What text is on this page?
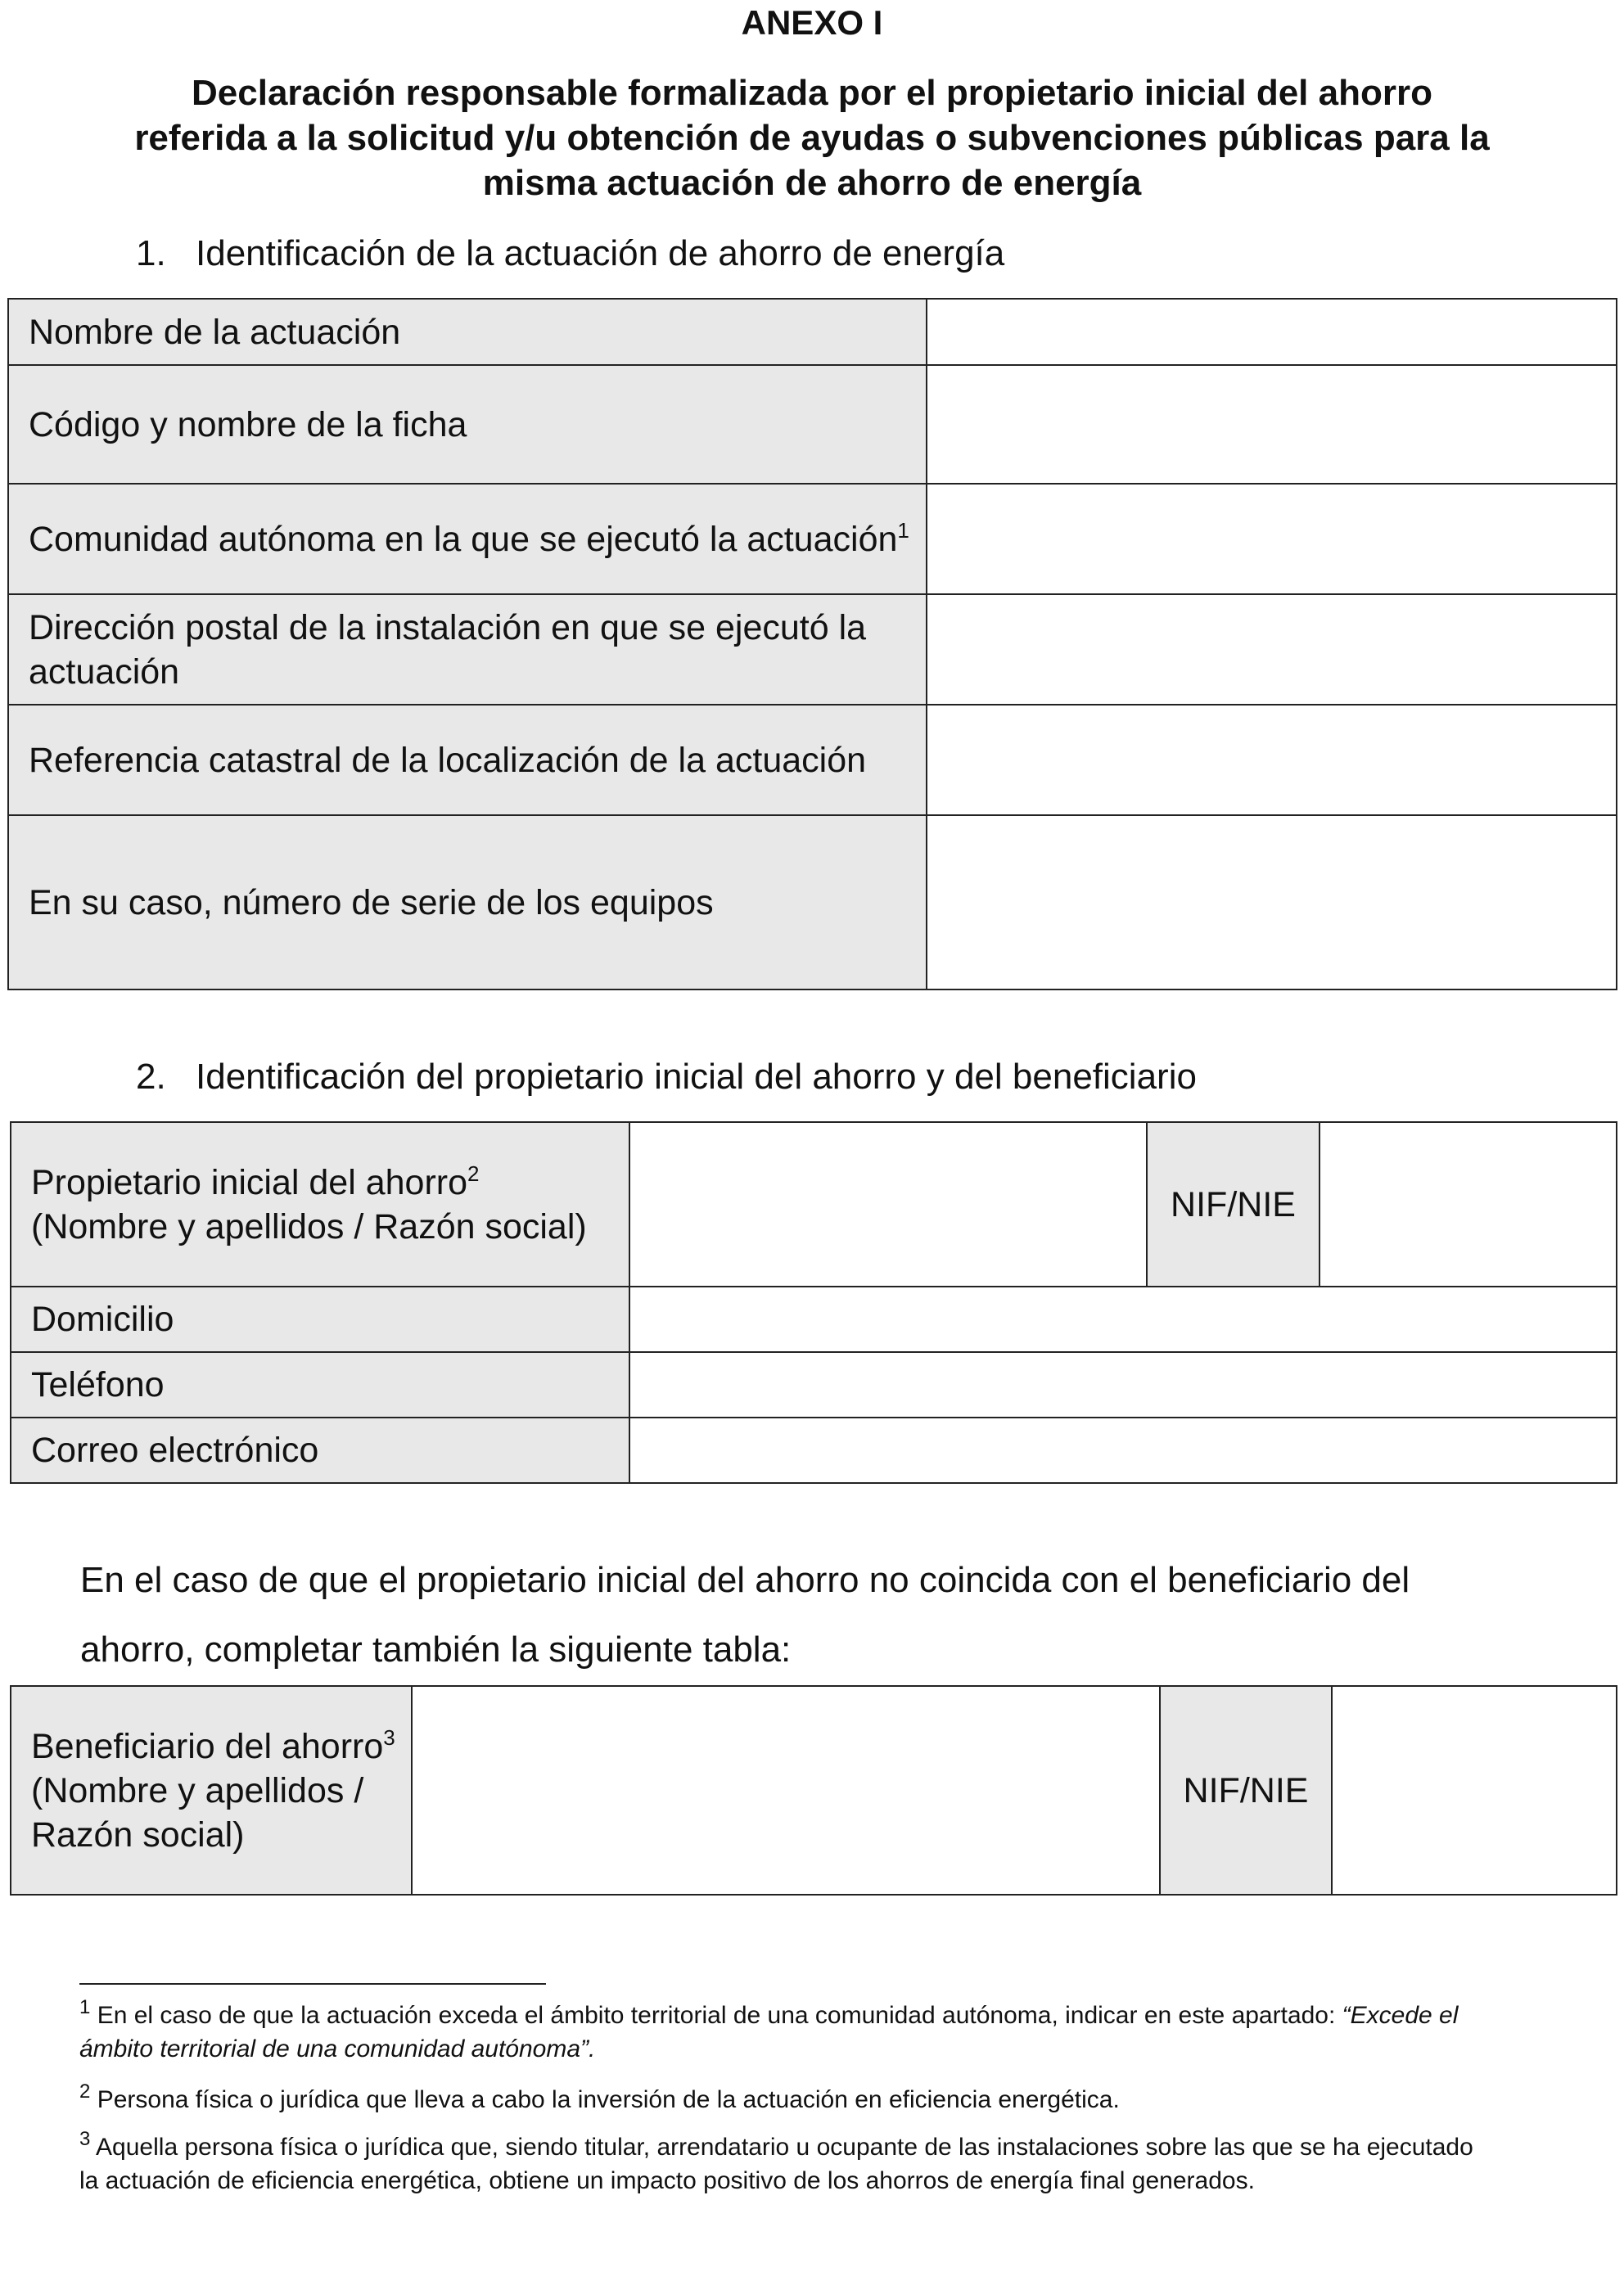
ANEXO I
Declaración responsable formalizada por el propietario inicial del ahorro referida a la solicitud y/u obtención de ayudas o subvenciones públicas para la misma actuación de ahorro de energía
1. Identificación de la actuación de ahorro de energía
Nombre de la actuación	
Código y nombre de la ficha	
Comunidad autónoma en la que se ejecutó la actuación$^1$	
Dirección postal de la instalación en que se ejecutó la actuación	
Referencia catastral de la localización de la actuación	
En su caso, número de serie de los equipos	
2. Identificación del propietario inicial del ahorro y del beneficiario
Propietario inicial del ahorro$^2$
(Nombre y apellidos / Razón social)		NIF/NIE	
Domicilio			
Teléfono			
Correo electrónico			
En el caso de que el propietario inicial del ahorro no coincida con el beneficiario del ahorro, completar también la siguiente tabla:
Beneficiario del ahorro$^3$
(Nombre y apellidos / Razón social)		NIF/NIE	
$^1$ En el caso de que la actuación exceda el ámbito territorial de una comunidad autónoma, indicar en este apartado: “Excede el ámbito territorial de una comunidad autónoma”.
$^2$ Persona física o jurídica que lleva a cabo la inversión de la actuación en eficiencia energética.
$^3$ Aquella persona física o jurídica que, siendo titular, arrendatario u ocupante de las instalaciones sobre las que se ha ejecutado la actuación de eficiencia energética, obtiene un impacto positivo de los ahorros de energía final generados.
